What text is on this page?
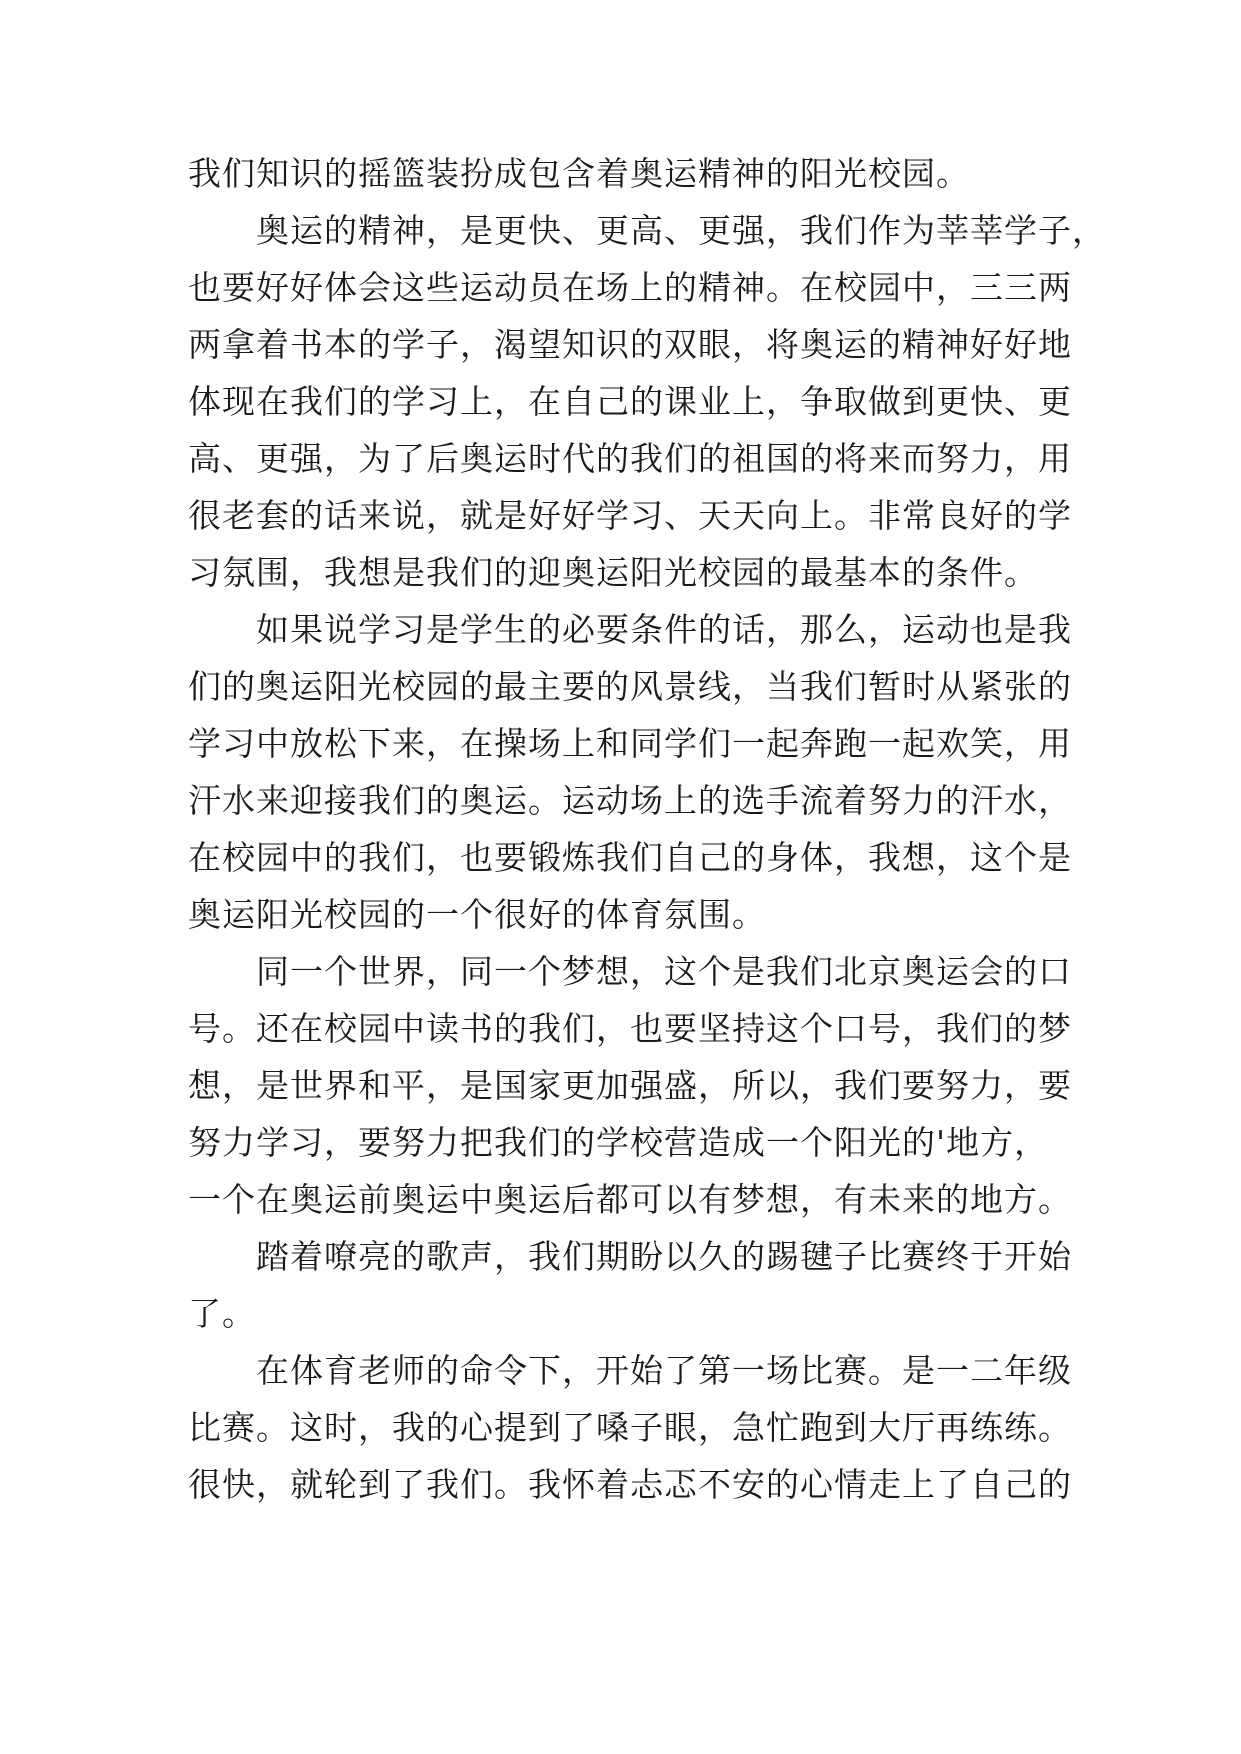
我们知识的摇篮装扮成包含着奥运精神的阳光校园。
　　奥运的精神，是更快、更高、更强，我们作为莘莘学子，
也要好好体会这些运动员在场上的精神。在校园中，三三两
两拿着书本的学子，渴望知识的双眼，将奥运的精神好好地
体现在我们的学习上，在自己的课业上，争取做到更快、更
高、更强，为了后奥运时代的我们的祖国的将来而努力，用
很老套的话来说，就是好好学习、天天向上。非常良好的学
习氛围，我想是我们的迎奥运阳光校园的最基本的条件。
　　如果说学习是学生的必要条件的话，那么，运动也是我
们的奥运阳光校园的最主要的风景线，当我们暂时从紧张的
学习中放松下来，在操场上和同学们一起奔跑一起欢笑，用
汗水来迎接我们的奥运。运动场上的选手流着努力的汗水，
在校园中的我们，也要锻炼我们自己的身体，我想，这个是
奥运阳光校园的一个很好的体育氛围。
　　同一个世界，同一个梦想，这个是我们北京奥运会的口
号。还在校园中读书的我们，也要坚持这个口号，我们的梦
想，是世界和平，是国家更加强盛，所以，我们要努力，要
努力学习，要努力把我们的学校营造成一个阳光的'地方，
一个在奥运前奥运中奥运后都可以有梦想，有未来的地方。
　　踏着嘹亮的歌声，我们期盼以久的踢毽子比赛终于开始
了。
　　在体育老师的命令下，开始了第一场比赛。是一二年级
比赛。这时，我的心提到了嗓子眼，急忙跑到大厅再练练。
很快，就轮到了我们。我怀着忐忑不安的心情走上了自己的
